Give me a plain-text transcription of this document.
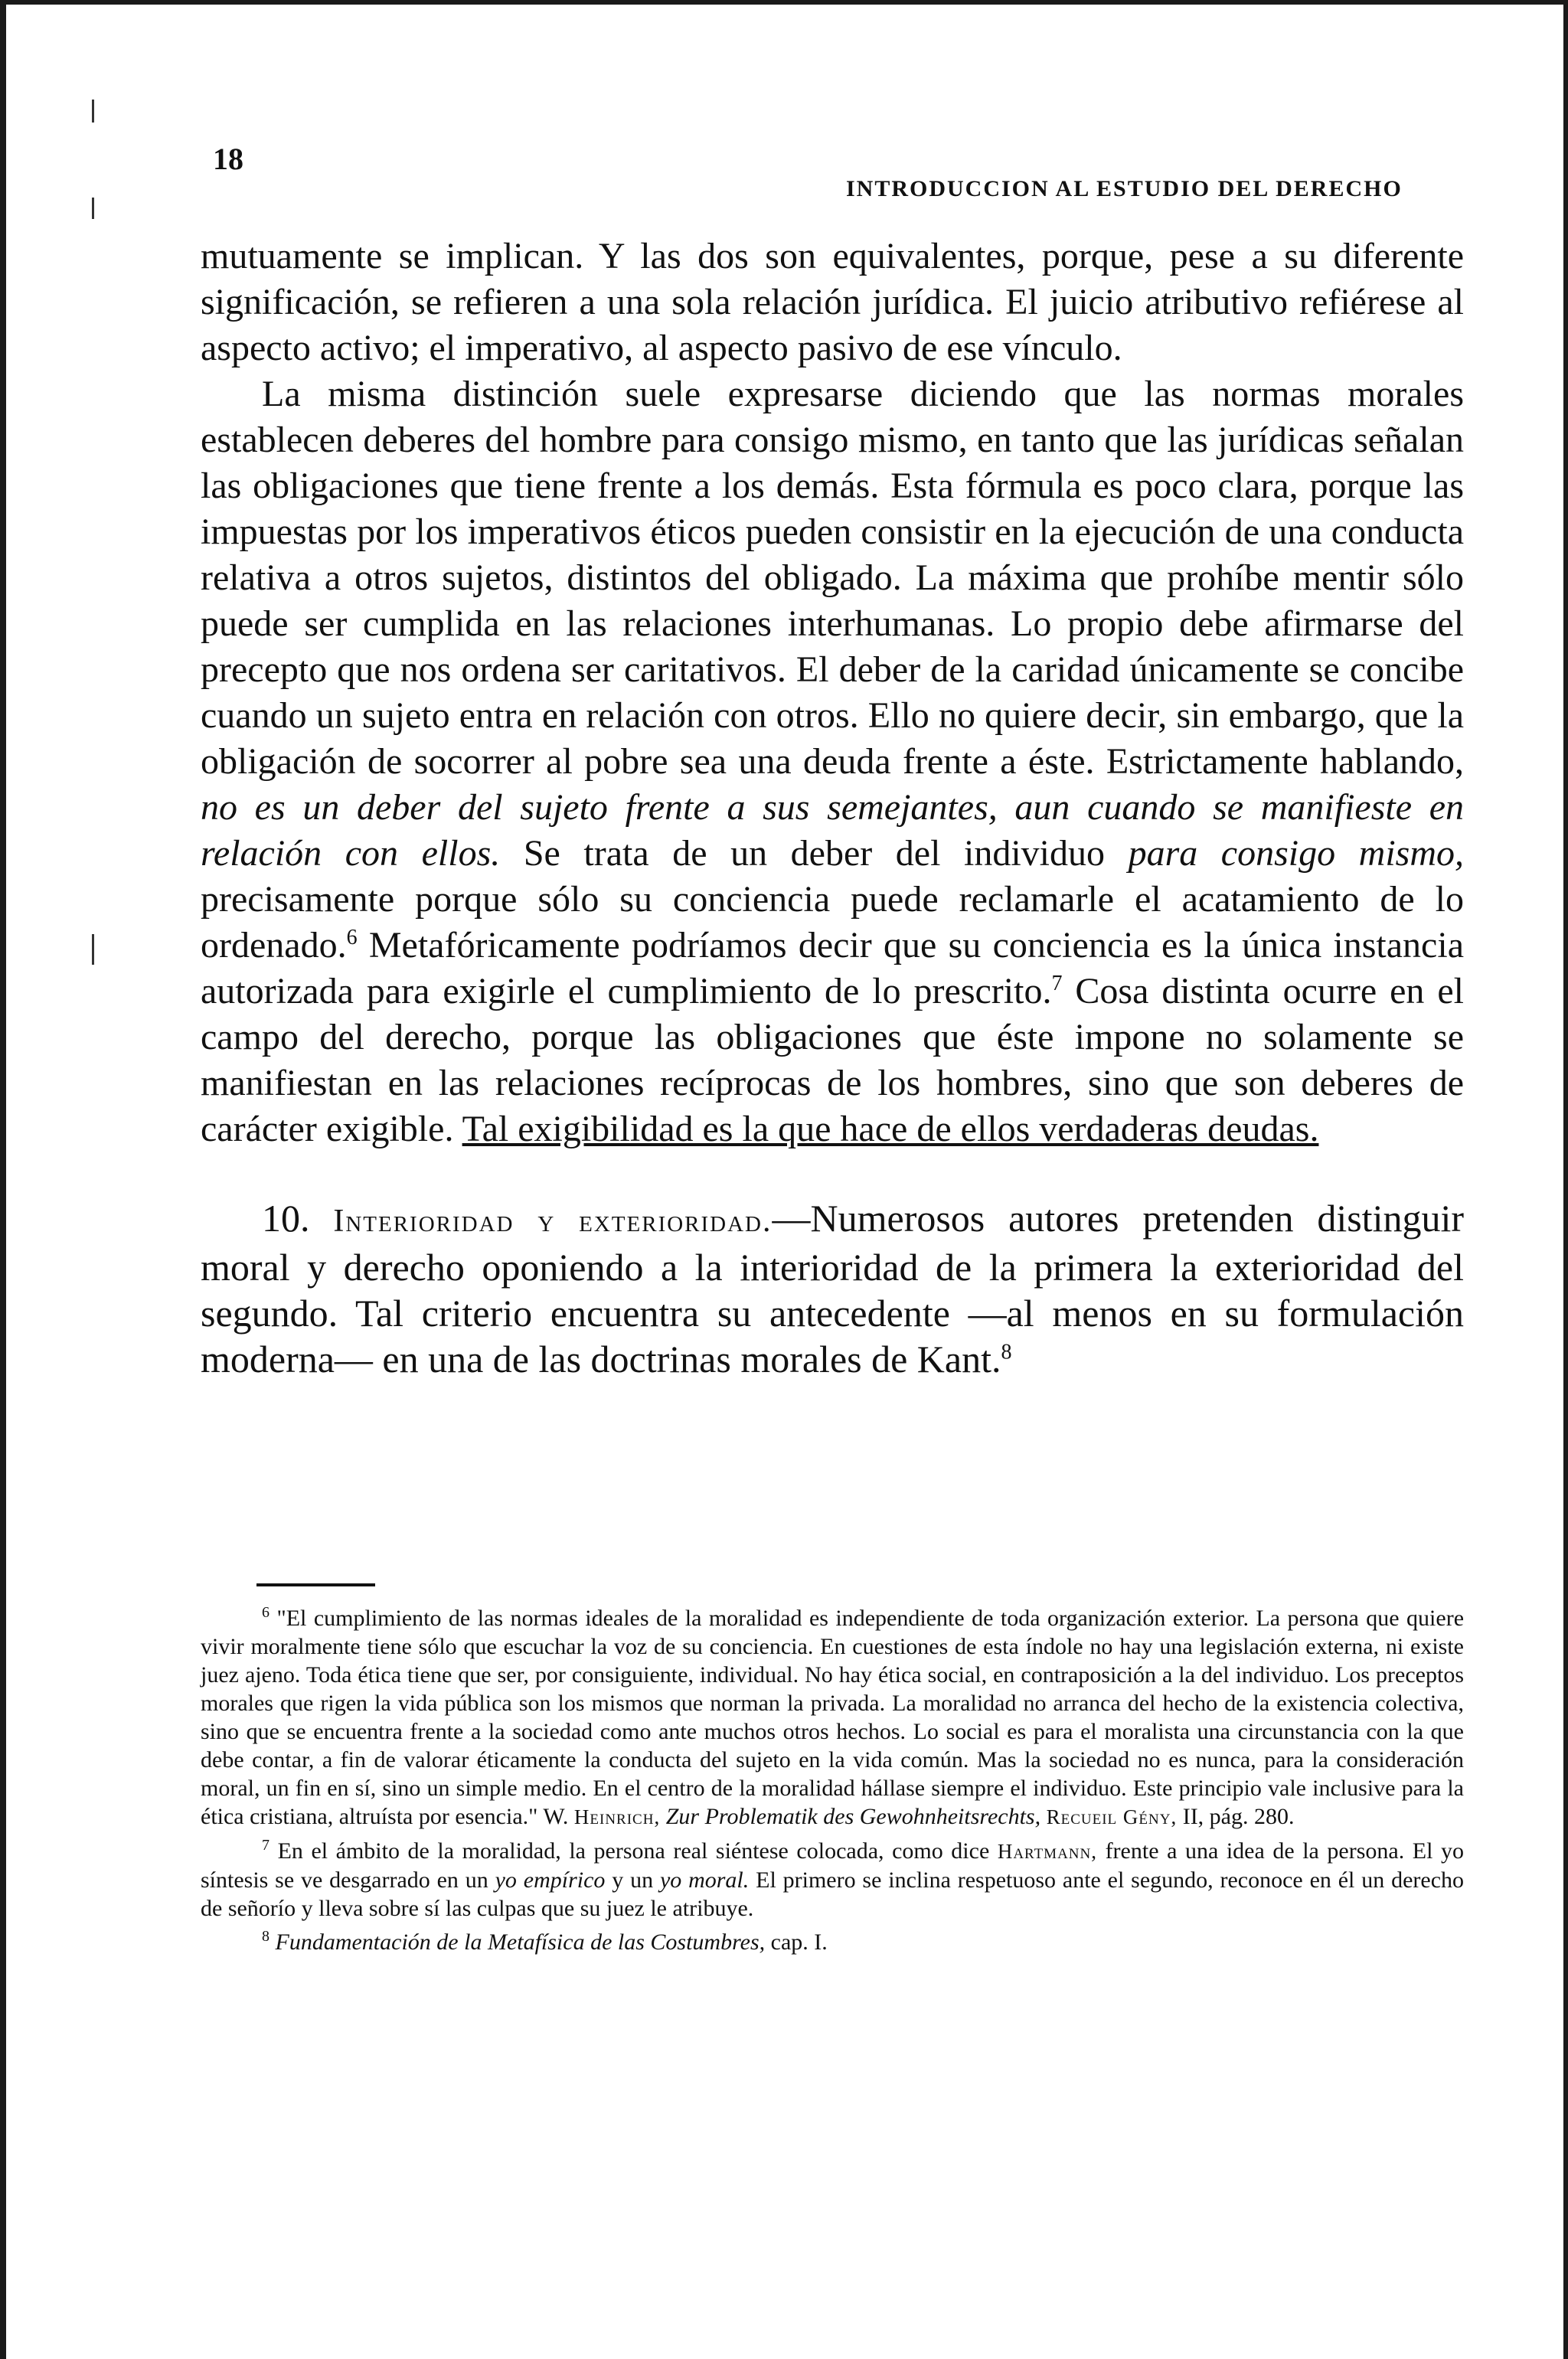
18
INTRODUCCION AL ESTUDIO DEL DERECHO

mutuamente se implican. Y las dos son equivalentes, porque, pese a su diferente significación, se refieren a una sola relación jurídica. El juicio atributivo refiérese al aspecto activo; el imperativo, al aspecto pasivo de ese vínculo.

La misma distinción suele expresarse diciendo que las normas morales establecen deberes del hombre para consigo mismo, en tanto que las jurídicas señalan las obligaciones que tiene frente a los demás. Esta fórmula es poco clara, porque las impuestas por los imperativos éticos pueden consistir en la ejecución de una conducta relativa a otros sujetos, distintos del obligado. La máxima que prohíbe mentir sólo puede ser cumplida en las relaciones interhumanas. Lo propio debe afirmarse del precepto que nos ordena ser caritativos. El deber de la caridad únicamente se concibe cuando un sujeto entra en relación con otros. Ello no quiere decir, sin embargo, que la obligación de socorrer al pobre sea una deuda frente a éste. Estrictamente hablando, no es un deber del sujeto frente a sus semejantes, aun cuando se manifieste en relación con ellos. Se trata de un deber del individuo para consigo mismo, precisamente porque sólo su conciencia puede reclamarle el acatamiento de lo ordenado.$^6$ Metafóricamente podríamos decir que su conciencia es la única instancia autorizada para exigirle el cumplimiento de lo prescrito.$^7$ Cosa distinta ocurre en el campo del derecho, porque las obligaciones que éste impone no solamente se manifiestan en las relaciones recíprocas de los hombres, sino que son deberes de carácter exigible. Tal exigibilidad es la que hace de ellos verdaderas deudas.

10. Interioridad y exterioridad.—Numerosos autores pretenden distinguir moral y derecho oponiendo a la interioridad de la primera la exterioridad del segundo. Tal criterio encuentra su antecedente —al menos en su formulación moderna— en una de las doctrinas morales de Kant.$^8$

$^6$ "El cumplimiento de las normas ideales de la moralidad es independiente de toda organización exterior. La persona que quiere vivir moralmente tiene sólo que escuchar la voz de su conciencia. En cuestiones de esta índole no hay una legislación externa, ni existe juez ajeno. Toda ética tiene que ser, por consiguiente, individual. No hay ética social, en contraposición a la del individuo. Los preceptos morales que rigen la vida pública son los mismos que norman la privada. La moralidad no arranca del hecho de la existencia colectiva, sino que se encuentra frente a la sociedad como ante muchos otros hechos. Lo social es para el moralista una circunstancia con la que debe contar, a fin de valorar éticamente la conducta del sujeto en la vida común. Mas la sociedad no es nunca, para la consideración moral, un fin en sí, sino un simple medio. En el centro de la moralidad hállase siempre el individuo. Este principio vale inclusive para la ética cristiana, altruísta por esencia." W. Heinrich, Zur Problematik des Gewohnheitsrechts, Recueil Gény, II, pág. 280.

$^7$ En el ámbito de la moralidad, la persona real siéntese colocada, como dice Hartmann, frente a una idea de la persona. El yo síntesis se ve desgarrado en un yo empírico y un yo moral. El primero se inclina respetuoso ante el segundo, reconoce en él un derecho de señorío y lleva sobre sí las culpas que su juez le atribuye.

$^8$ Fundamentación de la Metafísica de las Costumbres, cap. I.
